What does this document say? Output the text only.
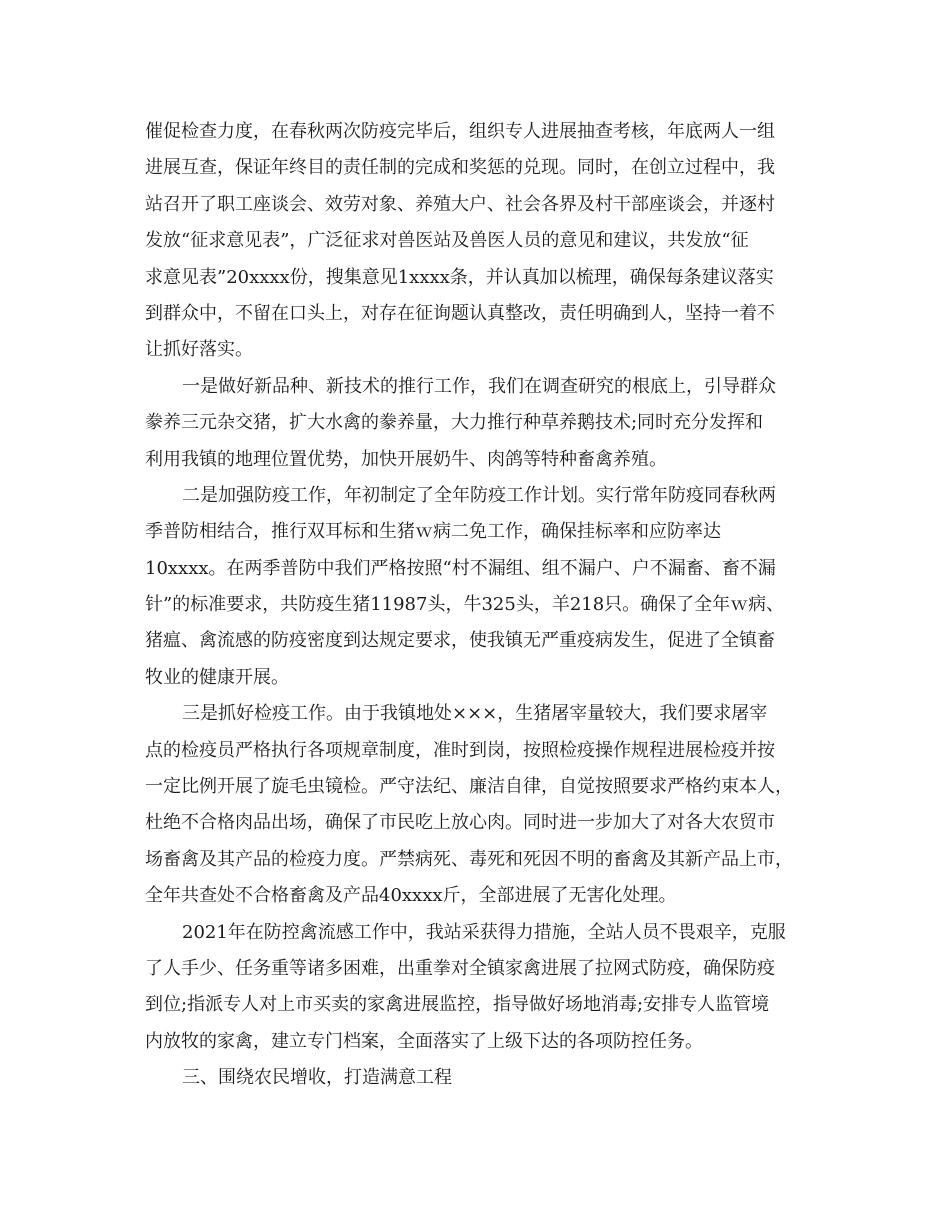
催促检查力度，在春秋两次防疫完毕后，组织专人进展抽查考核，年底两人一组
进展互查，保证年终目的责任制的完成和奖惩的兑现。同时，在创立过程中，我
站召开了职工座谈会、效劳对象、养殖大户、社会各界及村干部座谈会，并逐村
发放“征求意见表”，广泛征求对兽医站及兽医人员的意见和建议，共发放“征
求意见表”20xxxx份，搜集意见1xxxx条，并认真加以梳理，确保每条建议落实
到群众中，不留在口头上，对存在征询题认真整改，责任明确到人，坚持一着不
让抓好落实。
一是做好新品种、新技术的推行工作，我们在调查研究的根底上，引导群众
豢养三元杂交猪，扩大水禽的豢养量，大力推行种草养鹅技术;同时充分发挥和
利用我镇的地理位置优势，加快开展奶牛、肉鸽等特种畜禽养殖。
二是加强防疫工作，年初制定了全年防疫工作计划。实行常年防疫同春秋两
季普防相结合，推行双耳标和生猪ｗ病二免工作，确保挂标率和应防率达
10xxxx。在两季普防中我们严格按照“村不漏组、组不漏户、户不漏畜、畜不漏
针”的标准要求，共防疫生猪11987头，牛325头，羊218只。确保了全年ｗ病、
猪瘟、禽流感的防疫密度到达规定要求，使我镇无严重疫病发生，促进了全镇畜
牧业的健康开展。
三是抓好检疫工作。由于我镇地处×××，生猪屠宰量较大，我们要求屠宰
点的检疫员严格执行各项规章制度，准时到岗，按照检疫操作规程进展检疫并按
一定比例开展了旋毛虫镜检。严守法纪、廉洁自律，自觉按照要求严格约束本人，
杜绝不合格肉品出场，确保了市民吃上放心肉。同时进一步加大了对各大农贸市
场畜禽及其产品的检疫力度。严禁病死、毒死和死因不明的畜禽及其新产品上市，
全年共查处不合格畜禽及产品40xxxx斤，全部进展了无害化处理。
2021年在防控禽流感工作中，我站采获得力措施，全站人员不畏艰辛，克服
了人手少、任务重等诸多困难，出重拳对全镇家禽进展了拉网式防疫，确保防疫
到位;指派专人对上市买卖的家禽进展监控，指导做好场地消毒;安排专人监管境
内放牧的家禽，建立专门档案，全面落实了上级下达的各项防控任务。
三、围绕农民增收，打造满意工程
